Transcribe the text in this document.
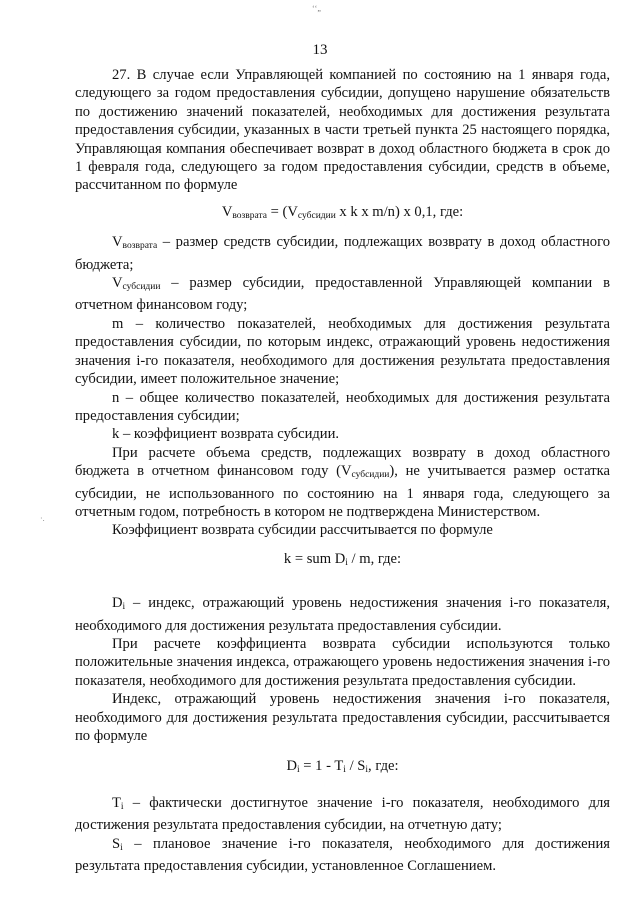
ʻ‘„
13
·.

27. В случае если Управляющей компанией по состоянию на 1 января года, следующего за годом предоставления субсидии, допущено нарушение обязательств по достижению значений показателей, необходимых для достижения результата предоставления субсидии, указанных в части третьей пункта 25 настоящего порядка, Управляющая компания обеспечивает возврат в доход областного бюджета в срок до 1 февраля года, следующего за годом предоставления субсидии, средств в объеме, рассчитанном по формуле

$V_{возврата} = (V_{субсидии}$ x k x m/n) x 0,1, где:

$V_{возврата}$ – размер средств субсидии, подлежащих возврату в доход областного бюджета;

$V_{субсидии}$ – размер субсидии, предоставленной Управляющей компании в отчетном финансовом году;

m – количество показателей, необходимых для достижения результата предоставления субсидии, по которым индекс, отражающий уровень недостижения значения i-го показателя, необходимого для достижения результата предоставления субсидии, имеет положительное значение;

n – общее количество показателей, необходимых для достижения результата предоставления субсидии;

k – коэффициент возврата субсидии.

При расчете объема средств, подлежащих возврату в доход областного бюджета в отчетном финансовом году $(V_{субсидии})$, не учитывается размер остатка субсидии, не использованного по состоянию на 1 января года, следующего за отчетным годом, потребность в котором не подтверждена Министерством.

Коэффициент возврата субсидии рассчитывается по формуле

k = sum $D_i$ / m, где:

$D_i$ – индекс, отражающий уровень недостижения значения i-го показателя, необходимого для достижения результата предоставления субсидии.

При расчете коэффициента возврата субсидии используются только положительные значения индекса, отражающего уровень недостижения значения i-го показателя, необходимого для достижения результата предоставления субсидии.

Индекс, отражающий уровень недостижения значения i-го показателя, необходимого для достижения результата предоставления субсидии, рассчитывается по формуле

$D_i = 1 - T_i / S_i$, где:

$T_i$ – фактически достигнутое значение i-го показателя, необходимого для достижения результата предоставления субсидии, на отчетную дату;

$S_i$ – плановое значение i-го показателя, необходимого для достижения результата предоставления субсидии, установленное Соглашением.
